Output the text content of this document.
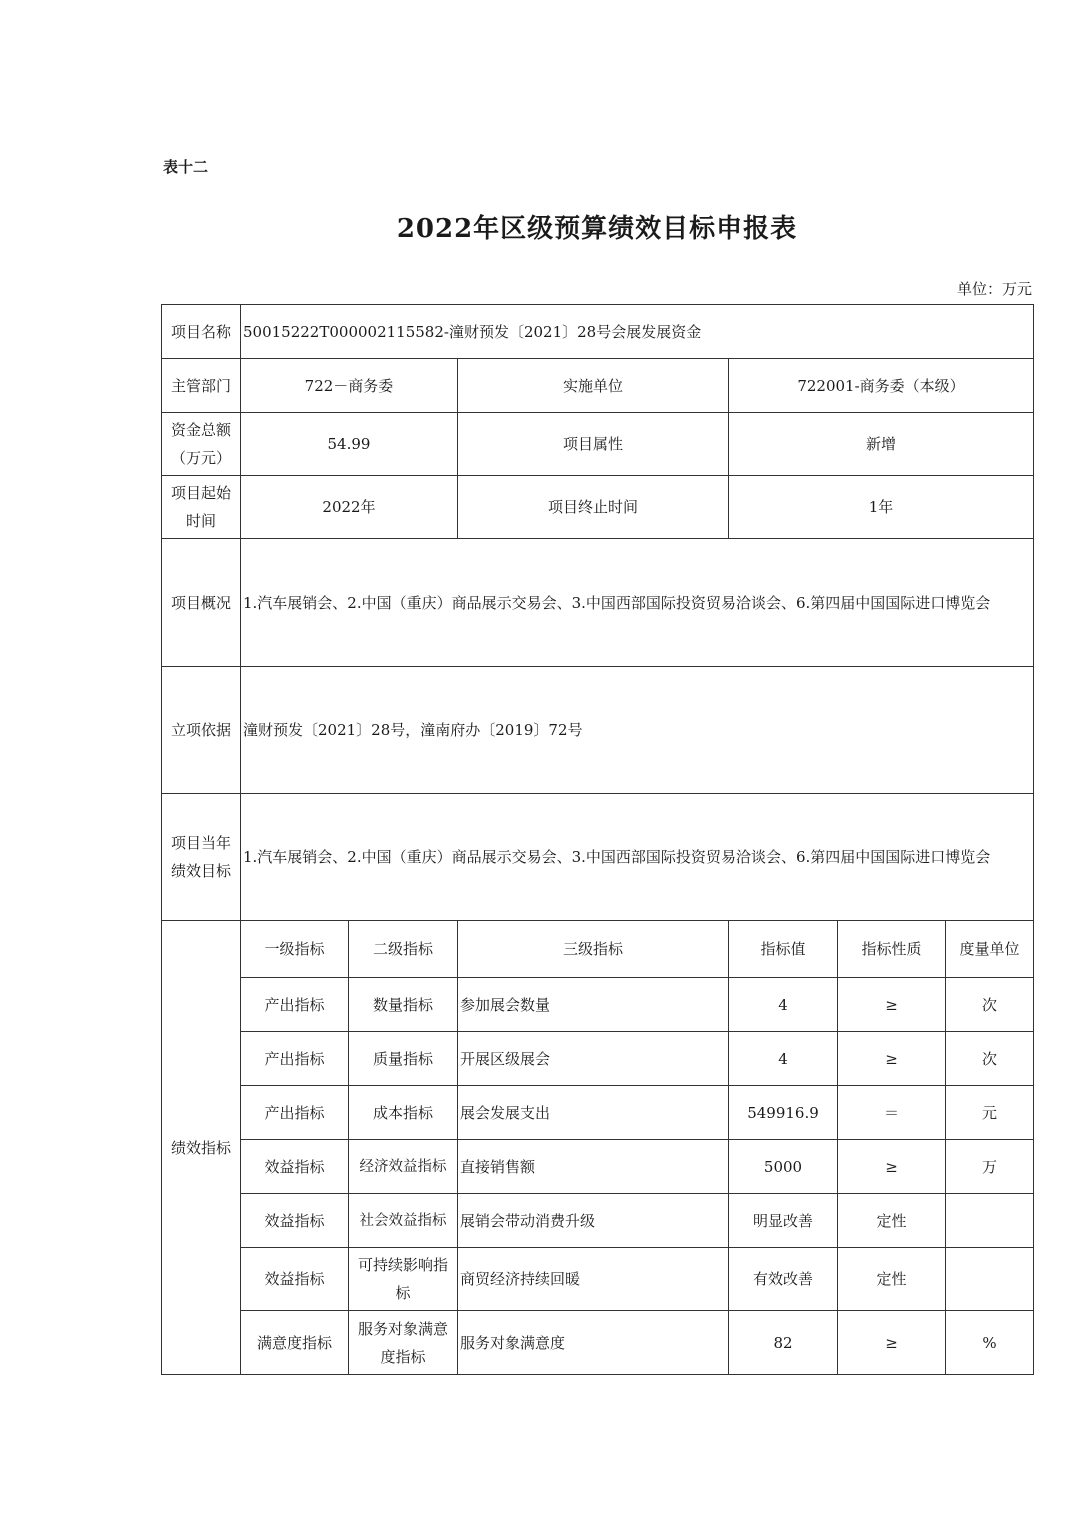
表十二
2022年区级预算绩效目标申报表
单位：万元
项目名称	50015222T000002115582-潼财预发〔2021〕28号会展发展资金						
主管部门	722－商务委		实施单位	722001-商务委（本级）			
资金总额（万元）	54.99		项目属性	新增			
项目起始时间	2022年		项目终止时间	1年			
项目概况	1.汽车展销会、2.中国（重庆）商品展示交易会、3.中国西部国际投资贸易洽谈会、6.第四届中国国际进口博览会						
立项依据	潼财预发〔2021〕28号，潼南府办〔2019〕72号						
项目当年绩效目标	1.汽车展销会、2.中国（重庆）商品展示交易会、3.中国西部国际投资贸易洽谈会、6.第四届中国国际进口博览会						
绩效指标	一级指标	二级指标	三级指标	指标值	指标性质	度量单位	
	产出指标	数量指标	参加展会数量	4	≥	次	
	产出指标	质量指标	开展区级展会	4	≥	次	
	产出指标	成本指标	展会发展支出	549916.9	＝	元	
	效益指标	经济效益指标	直接销售额	5000	≥	万	
	效益指标	社会效益指标	展销会带动消费升级	明显改善	定性		
	效益指标	可持续影响指标	商贸经济持续回暖	有效改善	定性		
	满意度指标	服务对象满意度指标	服务对象满意度	82	≥	%	
